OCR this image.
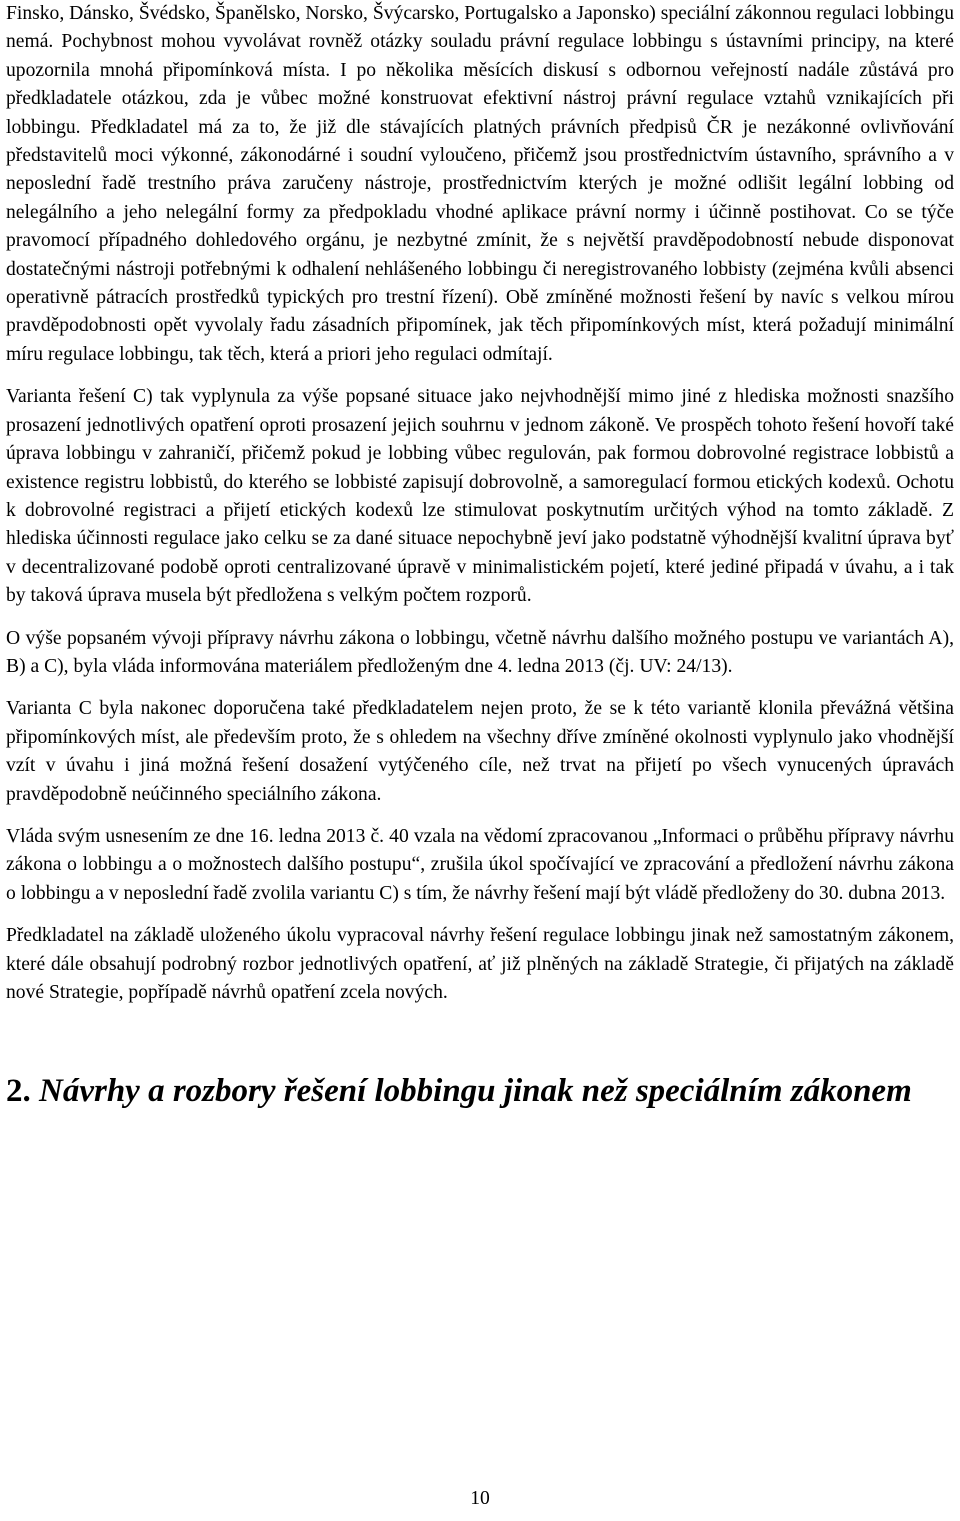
Finsko, Dánsko, Švédsko, Španělsko, Norsko, Švýcarsko, Portugalsko a Japonsko) speciální zákonnou regulaci lobbingu nemá. Pochybnost mohou vyvolávat rovněž otázky souladu právní regulace lobbingu s ústavními principy, na které upozornila mnohá připomínková místa. I po několika měsících diskusí s odbornou veřejností nadále zůstává pro předkladatele otázkou, zda je vůbec možné konstruovat efektivní nástroj právní regulace vztahů vznikajících při lobbingu. Předkladatel má za to, že již dle stávajících platných právních předpisů ČR je nezákonné ovlivňování představitelů moci výkonné, zákonodárné i soudní vyloučeno, přičemž jsou prostřednictvím ústavního, správního a v neposlední řadě trestního práva zaručeny nástroje, prostřednictvím kterých je možné odlišit legální lobbing od nelegálního a jeho nelegální formy za předpokladu vhodné aplikace právní normy i účinně postihovat. Co se týče pravomocí případného dohledového orgánu, je nezbytné zmínit, že s největší pravděpodobností nebude disponovat dostatečnými nástroji potřebnými k odhalení nehlášeného lobbingu či neregistrovaného lobbisty (zejména kvůli absenci operativně pátracích prostředků typických pro trestní řízení). Obě zmíněné možnosti řešení by navíc s velkou mírou pravděpodobnosti opět vyvolaly řadu zásadních připomínek, jak těch připomínkových míst, která požadují minimální míru regulace lobbingu, tak těch, která a priori jeho regulaci odmítají.

Varianta řešení C) tak vyplynula za výše popsané situace jako nejvhodnější mimo jiné z hlediska možnosti snazšího prosazení jednotlivých opatření oproti prosazení jejich souhrnu v jednom zákoně. Ve prospěch tohoto řešení hovoří také úprava lobbingu v zahraničí, přičemž pokud je lobbing vůbec regulován, pak formou dobrovolné registrace lobbistů a existence registru lobbistů, do kterého se lobbisté zapisují dobrovolně, a samoregulací formou etických kodexů. Ochotu k dobrovolné registraci a přijetí etických kodexů lze stimulovat poskytnutím určitých výhod na tomto základě. Z hlediska účinnosti regulace jako celku se za dané situace nepochybně jeví jako podstatně výhodnější kvalitní úprava byť v decentralizované podobě oproti centralizované úpravě v minimalistickém pojetí, které jediné připadá v úvahu, a i tak by taková úprava musela být předložena s velkým počtem rozporů.

O výše popsaném vývoji přípravy návrhu zákona o lobbingu, včetně návrhu dalšího možného postupu ve variantách A), B) a C), byla vláda informována materiálem předloženým dne 4. ledna 2013 (čj. UV: 24/13).

Varianta C byla nakonec doporučena také předkladatelem nejen proto, že se k této variantě klonila převážná většina připomínkových míst, ale především proto, že s ohledem na všechny dříve zmíněné okolnosti vyplynulo jako vhodnější vzít v úvahu i jiná možná řešení dosažení vytýčeného cíle, než trvat na přijetí po všech vynucených úpravách pravděpodobně neúčinného speciálního zákona.

Vláda svým usnesením ze dne 16. ledna 2013 č. 40 vzala na vědomí zpracovanou „Informaci o průběhu přípravy návrhu zákona o lobbingu a o možnostech dalšího postupu“, zrušila úkol spočívající ve zpracování a předložení návrhu zákona o lobbingu a v neposlední řadě zvolila variantu C) s tím, že návrhy řešení mají být vládě předloženy do 30. dubna 2013.

Předkladatel na základě uloženého úkolu vypracoval návrhy řešení regulace lobbingu jinak než samostatným zákonem, které dále obsahují podrobný rozbor jednotlivých opatření, ať již plněných na základě Strategie, či přijatých na základě nové Strategie, popřípadě návrhů opatření zcela nových.

2. Návrhy a rozbory řešení lobbingu jinak než speciálním zákonem
10
